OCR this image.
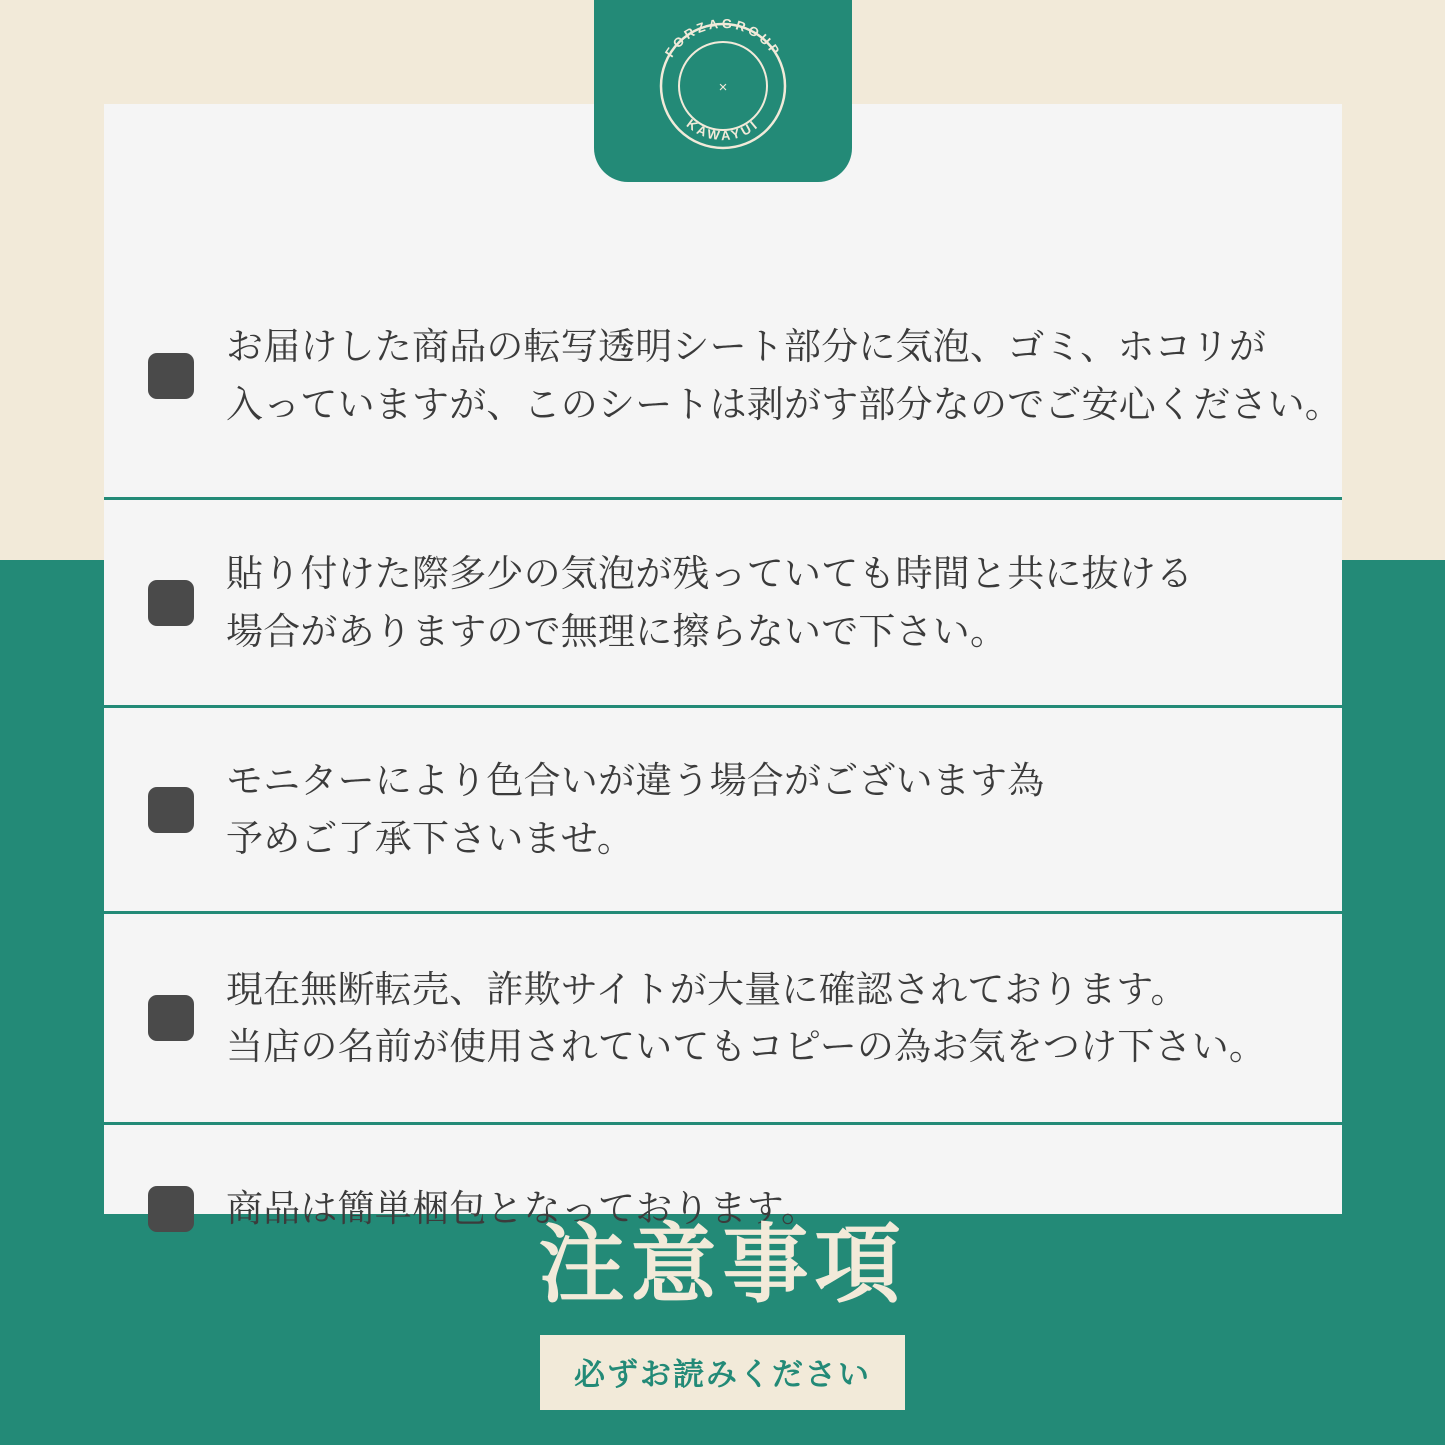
お届けした商品の転写透明シート部分に気泡、ゴミ、ホコリが
入っていますが、このシートは剥がす部分なのでご安心ください。
貼り付けた際多少の気泡が残っていても時間と共に抜ける
場合がありますので無理に擦らないで下さい。
モニターにより色合いが違う場合がございます為
予めご了承下さいませ。
現在無断転売、詐欺サイトが大量に確認されております。
当店の名前が使用されていてもコピーの為お気をつけ下さい。
商品は簡単梱包となっております。
FORZAGROUP
KAWAYUI
×
注意事項
必ずお読みください
